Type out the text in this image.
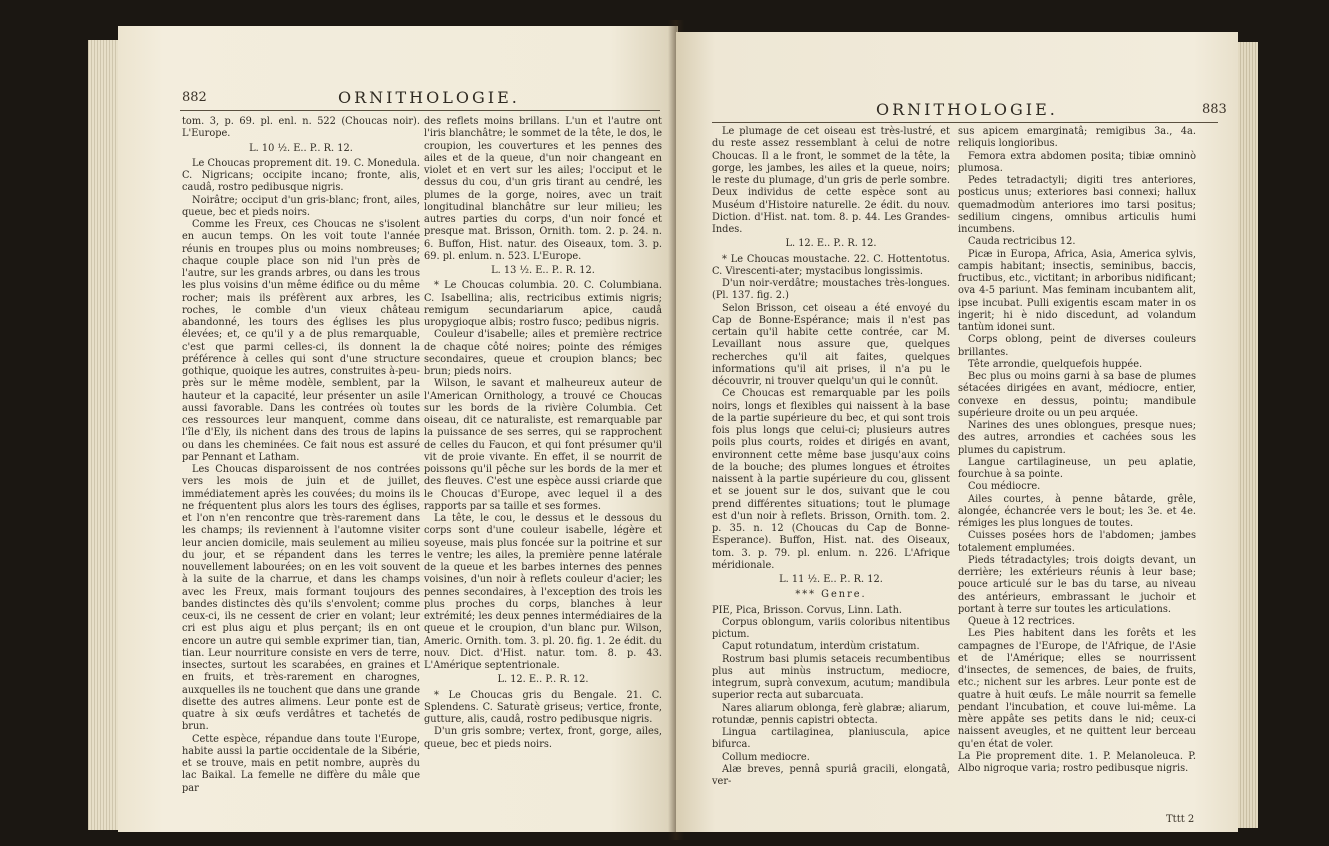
882	ORNITHOLOGIE.

tom. 3, p. 69. pl. enl. n. 522 (Choucas noir). L'Europe.

L. 10 ½. E.. P.. R. 12.

Le Choucas proprement dit. 19. C. Monedula. C. Nigricans; occipite incano; fronte, alis, caudâ, rostro pedibusque nigris.

Noirâtre; occiput d'un gris-blanc; front, ailes, queue, bec et pieds noirs.

Comme les Freux, ces Choucas ne s'isolent en aucun temps. On les voit toute l'année réunis en troupes plus ou moins nombreuses; chaque couple place son nid l'un près de l'autre, sur les grands arbres, ou dans les trous les plus voisins d'un même édifice ou du même rocher; mais ils préfèrent aux arbres, les roches, le comble d'un vieux château abandonné, les tours des églises les plus élevées; et, ce qu'il y a de plus remarquable, c'est que parmi celles-ci, ils donnent la préférence à celles qui sont d'une structure gothique, quoique les autres, construites à-peu-près sur le même modèle, semblent, par la hauteur et la capacité, leur présenter un asile aussi favorable. Dans les contrées où toutes ces ressources leur manquent, comme dans l'île d'Ely, ils nichent dans des trous de lapins ou dans les cheminées. Ce fait nous est assuré par Pennant et Latham.

Les Choucas disparoissent de nos contrées vers les mois de juin et de juillet, immédiatement après les couvées; du moins ils ne fréquentent plus alors les tours des églises, et l'on n'en rencontre que très-rarement dans les champs; ils reviennent à l'automne visiter leur ancien domicile, mais seulement au milieu du jour, et se répandent dans les terres nouvellement labourées; on en les voit souvent à la suite de la charrue, et dans les champs avec les Freux, mais formant toujours des bandes distinctes dès qu'ils s'envolent; comme ceux-ci, ils ne cessent de crier en volant; leur cri est plus aigu et plus perçant; ils en ont encore un autre qui semble exprimer tian, tian, tian. Leur nourriture consiste en vers de terre, insectes, surtout les scarabées, en graines et en fruits, et très-rarement en charognes, auxquelles ils ne touchent que dans une grande disette des autres alimens. Leur ponte est de quatre à six œufs verdâtres et tachetés de brun.

Cette espèce, répandue dans toute l'Europe, habite aussi la partie occidentale de la Sibérie, et se trouve, mais en petit nombre, auprès du lac Baikal. La femelle ne diffère du mâle que par

des reflets moins brillans. L'un et l'autre ont l'iris blanchâtre; le sommet de la tête, le dos, le croupion, les couvertures et les pennes des ailes et de la queue, d'un noir changeant en violet et en vert sur les ailes; l'occiput et le dessus du cou, d'un gris tirant au cendré, les plumes de la gorge, noires, avec un trait longitudinal blanchâtre sur leur milieu; les autres parties du corps, d'un noir foncé et presque mat. Brisson, Ornith. tom. 2. p. 24. n. 6. Buffon, Hist. natur. des Oiseaux, tom. 3. p. 69. pl. enlum. n. 523. L'Europe.

L. 13 ½. E.. P.. R. 12.

* Le Choucas columbia. 20. C. Columbiana. C. Isabellina; alis, rectricibus extimis nigris; remigum secundariarum apice, caudâ uropygioque albis; rostro fusco; pedibus nigris.

Couleur d'isabelle; ailes et première rectrice de chaque côté noires; pointe des rémiges secondaires, queue et croupion blancs; bec brun; pieds noirs.

Wilson, le savant et malheureux auteur de l'American Ornithology, a trouvé ce Choucas sur les bords de la rivière Columbia. Cet oiseau, dit ce naturaliste, est remarquable par la puissance de ses serres, qui se rapprochent de celles du Faucon, et qui font présumer qu'il vit de proie vivante. En effet, il se nourrit de poissons qu'il pêche sur les bords de la mer et des fleuves. C'est une espèce aussi criarde que le Choucas d'Europe, avec lequel il a des rapports par sa taille et ses formes.

La tête, le cou, le dessus et le dessous du corps sont d'une couleur isabelle, légère et soyeuse, mais plus foncée sur la poitrine et sur le ventre; les ailes, la première penne latérale de la queue et les barbes internes des pennes voisines, d'un noir à reflets couleur d'acier; les pennes secondaires, à l'exception des trois les plus proches du corps, blanches à leur extrémité; les deux pennes intermédiaires de la queue et le croupion, d'un blanc pur. Wilson, Americ. Ornith. tom. 3. pl. 20. fig. 1. 2e édit. du nouv. Dict. d'Hist. natur. tom. 8. p. 43. L'Amérique septentrionale.

L. 12. E.. P.. R. 12.

* Le Choucas gris du Bengale. 21. C. Splendens. C. Saturatè griseus; vertice, fronte, gutture, alis, caudâ, rostro pedibusque nigris.

D'un gris sombre; vertex, front, gorge, ailes, queue, bec et pieds noirs.

883
ORNITHOLOGIE.

Le plumage de cet oiseau est très-lustré, et du reste assez ressemblant à celui de notre Choucas. Il a le front, le sommet de la tête, la gorge, les jambes, les ailes et la queue, noirs; le reste du plumage, d'un gris de perle sombre. Deux individus de cette espèce sont au Muséum d'Histoire naturelle. 2e édit. du nouv. Diction. d'Hist. nat. tom. 8. p. 44. Les Grandes-Indes.

L. 12. E.. P.. R. 12.

* Le Choucas moustache. 22. C. Hottentotus. C. Virescenti-ater; mystacibus longissimis.

D'un noir-verdâtre; moustaches très-longues. (Pl. 137. fig. 2.)

Selon Brisson, cet oiseau a été envoyé du Cap de Bonne-Espérance; mais il n'est pas certain qu'il habite cette contrée, car M. Levaillant nous assure que, quelques recherches qu'il ait faites, quelques informations qu'il ait prises, il n'a pu le découvrir, ni trouver quelqu'un qui le connût.

Ce Choucas est remarquable par les poils noirs, longs et flexibles qui naissent à la base de la partie supérieure du bec, et qui sont trois fois plus longs que celui-ci; plusieurs autres poils plus courts, roides et dirigés en avant, environnent cette même base jusqu'aux coins de la bouche; des plumes longues et étroites naissent à la partie supérieure du cou, glissent et se jouent sur le dos, suivant que le cou prend différentes situations; tout le plumage est d'un noir à reflets. Brisson, Ornith. tom. 2. p. 35. n. 12 (Choucas du Cap de Bonne-Esperance). Buffon, Hist. nat. des Oiseaux, tom. 3. p. 79. pl. enlum. n. 226. L'Afrique méridionale.

L. 11 ½. E.. P.. R. 12.

*** Genre.

PIE, Pica, Brisson. Corvus, Linn. Lath.

Corpus oblongum, variis coloribus nitentibus pictum.

Caput rotundatum, interdùm cristatum.

Rostrum basi plumis setaceis recumbentibus plus aut minùs instructum, mediocre, integrum, suprà convexum, acutum; mandibula superior recta aut subarcuata.

Nares aliarum oblonga, ferè glabræ; aliarum, rotundæ, pennis capistri obtecta.

Lingua cartilaginea, planiuscula, apice bifurca.

Collum mediocre.

Alæ breves, pennâ spuriâ gracili, elongatâ, ver-

sus apicem emarginatâ; remigibus 3a., 4a. reliquis longioribus.

Femora extra abdomen posita; tibiæ omninò plumosa.

Pedes tetradactyli; digiti tres anteriores, posticus unus; exteriores basi connexi; hallux quemadmodùm anteriores imo tarsi positus; sedilium cingens, omnibus articulis humi incumbens.

Cauda rectricibus 12.

Picæ in Europa, Africa, Asia, America sylvis, campis habitant; insectis, seminibus, baccis, fructibus, etc., victitant; in arboribus nidificant; ova 4-5 pariunt. Mas feminam incubantem alit, ipse incubat. Pulli exigentis escam mater in os ingerit; hi è nido discedunt, ad volandum tantùm idonei sunt.

Corps oblong, peint de diverses couleurs brillantes.

Tête arrondie, quelquefois huppée.

Bec plus ou moins garni à sa base de plumes sétacées dirigées en avant, médiocre, entier, convexe en dessus, pointu; mandibule supérieure droite ou un peu arquée.

Narines des unes oblongues, presque nues; des autres, arrondies et cachées sous les plumes du capistrum.

Langue cartilagineuse, un peu aplatie, fourchue à sa pointe.

Cou médiocre.

Ailes courtes, à penne bâtarde, grêle, alongée, échancrée vers le bout; les 3e. et 4e. rémiges les plus longues de toutes.

Cuisses posées hors de l'abdomen; jambes totalement emplumées.

Pieds tétradactyles; trois doigts devant, un derrière; les extérieurs réunis à leur base; pouce articulé sur le bas du tarse, au niveau des antérieurs, embrassant le juchoir et portant à terre sur toutes les articulations.

Queue à 12 rectrices.

Les Pies habitent dans les forêts et les campagnes de l'Europe, de l'Afrique, de l'Asie et de l'Amérique; elles se nourrissent d'insectes, de semences, de baies, de fruits, etc.; nichent sur les arbres. Leur ponte est de quatre à huit œufs. Le mâle nourrit sa femelle pendant l'incubation, et couve lui-même. La mère appâte ses petits dans le nid; ceux-ci naissent aveugles, et ne quittent leur berceau qu'en état de voler.

La Pie proprement dite. 1. P. Melanoleuca. P. Albo nigroque varia; rostro pedibusque nigris.

Tttt 2
